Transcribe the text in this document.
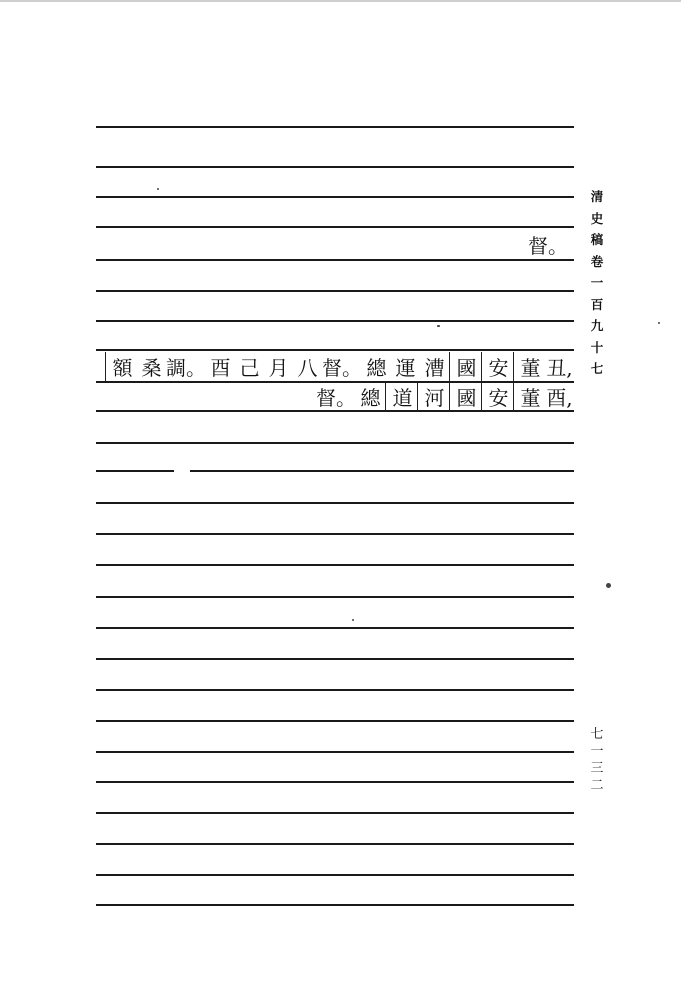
督。
額 桑 調。 酉 己 月 八 督。 總 運 漕 國 安 董 丑,
督。 總 道 河 國 安 董 酉,
清
史
稿
卷
一
百
九
十
七
七
一
三
二
